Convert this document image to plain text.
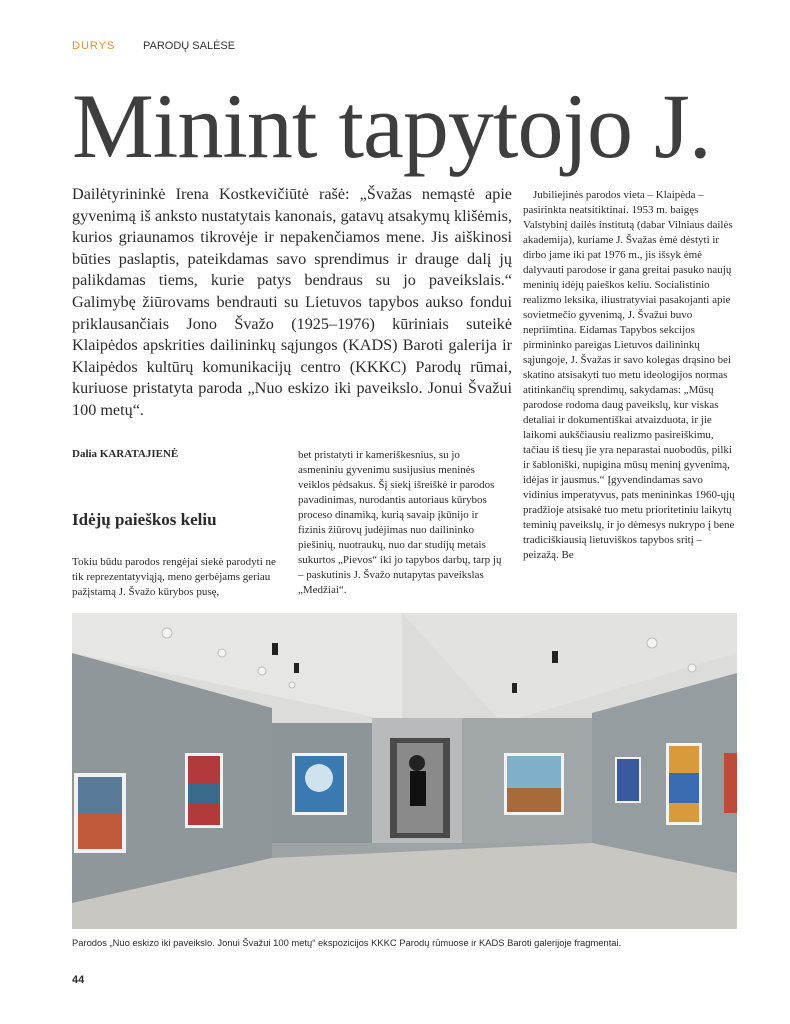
DURYS	PARODŲ SALĖSE
Minint tapytojo J.

Dailėtyrininkė Irena Kostkevičiūtė rašė: „Švažas nemąstė apie gyvenimą iš anksto nustatytais kanonais, gatavų atsakymų klišėmis, kurios griaunamos tikrovėje ir nepakenčiamos mene. Jis aiškinosi būties paslaptis, pateikdamas savo sprendimus ir drauge dalį jų palikdamas tiems, kurie patys bendraus su jo paveikslais.“ Galimybę žiūrovams bendrauti su Lietuvos tapybos aukso fondui priklausančiais Jono Švažo (1925–1976) kūriniais suteikė Klaipėdos apskrities dailininkų sąjungos (KADS) Baroti galerija ir Klaipėdos kultūrų komunikacijų centro (KKKC) Parodų rūmai, kuriuose pristatyta paroda „Nuo eskizo iki paveikslo. Jonui Švažui 100 metų“.

Dalia KARATAJIENĖ
Idėjų paieškos keliu

Tokiu būdu parodos rengėjai siekė parodyti ne tik reprezentatyviąją, meno gerbėjams geriau pažįstamą J. Švažo kūrybos pusę,

bet pristatyti ir kameriškesnius, su jo asmeniniu gyvenimu susijusius meninės veiklos pėdsakus. Šį siekį išreiškė ir parodos pavadinimas, nurodantis autoriaus kūrybos proceso dinamiką, kurią savaip įkūnijo ir fizinis žiūrovų judėjimas nuo dailininko piešinių, nuotraukų, nuo dar studijų metais sukurtos „Pievos“ iki jo tapybos darbų, tarp jų – paskutinis J. Švažo nutapytas paveikslas „Medžiai“.

Jubiliejinės parodos vieta – Klaipėda – pasirinkta neatsitiktinai. 1953 m. baigęs Valstybinį dailės institutą (dabar Vilniaus dailės akademija), kuriame J. Švažas ėmė dėstyti ir dirbo jame iki pat 1976 m., jis išsyk ėmė dalyvauti parodose ir gana greitai pasuko naujų meninių idėjų paieškos keliu. Socialistinio realizmo leksika, iliustratyviai pasakojanti apie sovietmečio gyvenimą, J. Švažui buvo nepriimtina. Eidamas Tapybos sekcijos pirmininko pareigas Lietuvos dailininkų sąjungoje, J. Švažas ir savo kolegas drąsino bei skatino atsisakyti tuo metu ideologijos normas atitinkančių sprendimų, sakydamas: „Mūsų parodose rodoma daug paveikslų, kur viskas detaliai ir dokumentiškai atvaizduota, ir jie laikomi aukščiausiu realizmo pasireiškimu, tačiau iš tiesų jie yra neparastai nuobodūs, pilki ir šabloniški, nupigina mūsų meninį gyvenimą, idėjas ir jausmus.“ Įgyvendindamas savo vidinius imperatyvus, pats menininkas 1960-ųjų pradžioje atsisakė tuo metu prioritetiniu laikytų teminių paveikslų, ir jo dėmesys nukrypo į bene tradiciškiausią lietuviškos tapybos sritį – peizažą. Be

Parodos „Nuo eskizo iki paveikslo. Jonui Švažui 100 metų“ ekspozicijos KKKC Parodų rūmuose ir KADS Baroti galerijoje fragmentai.
44
